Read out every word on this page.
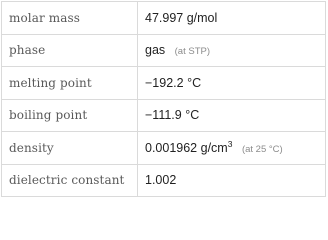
molar mass	47.997 g/mol
phase	gas (at STP)
melting point	−192.2 °C
boiling point	−111.9 °C
density	0.001962 $g/cm^3$ (at 25 °C)
dielectric constant	1.002
